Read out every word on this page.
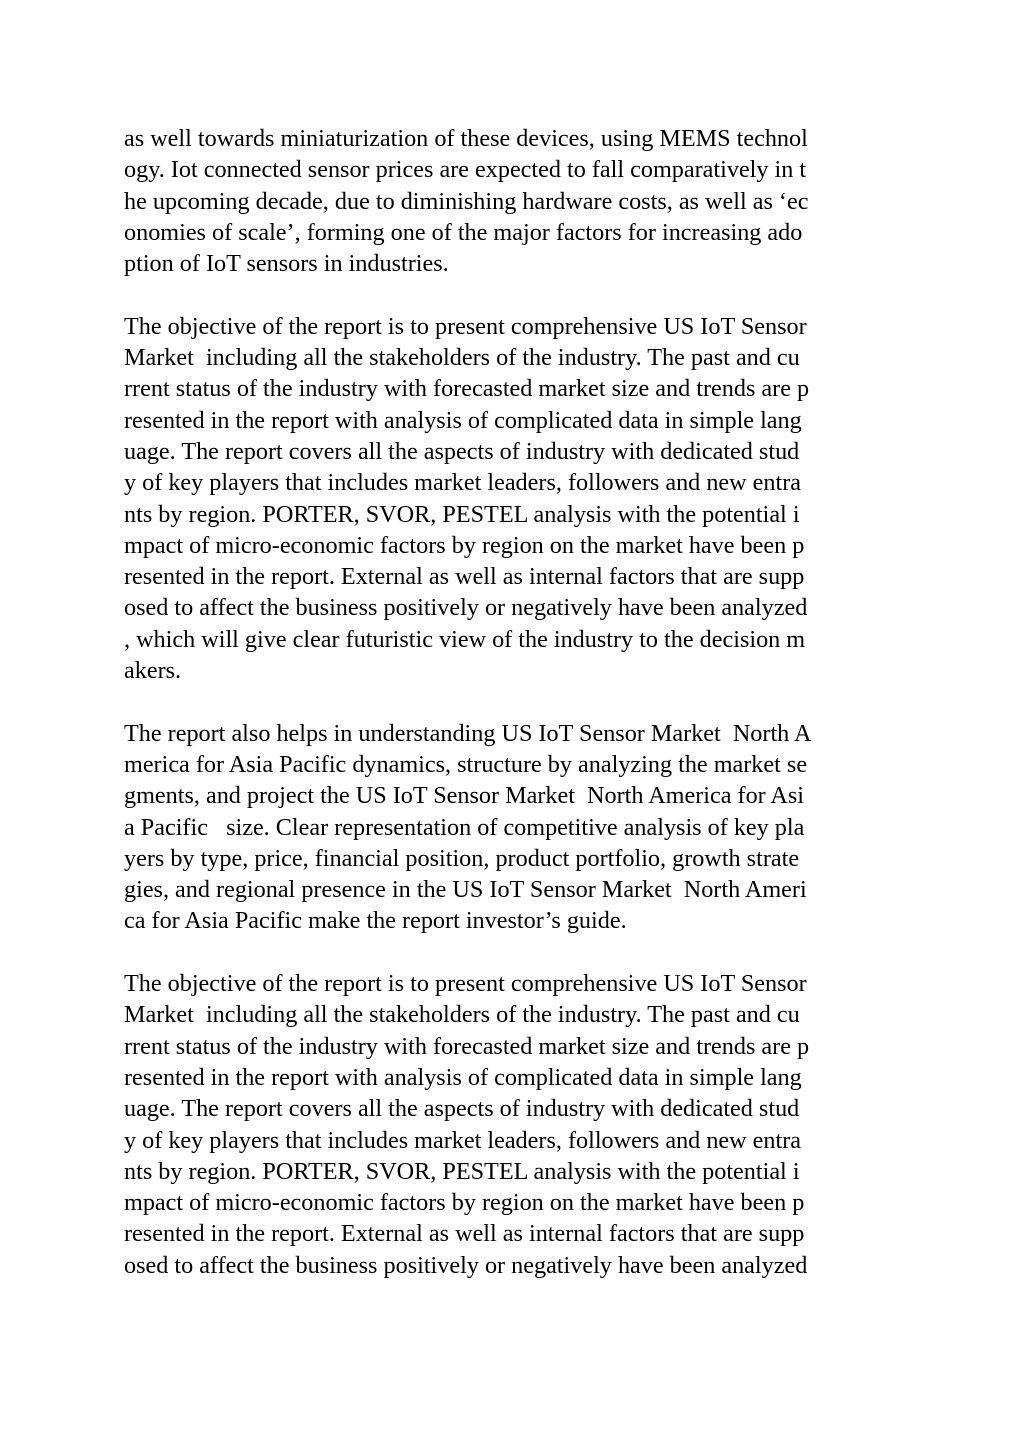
as well towards miniaturization of these devices, using MEMS technol
ogy. Iot connected sensor prices are expected to fall comparatively in t
he upcoming decade, due to diminishing hardware costs, as well as ‘ec
onomies of scale’, forming one of the major factors for increasing ado
ption of IoT sensors in industries.

The objective of the report is to present comprehensive US IoT Sensor
Market  including all the stakeholders of the industry. The past and cu
rrent status of the industry with forecasted market size and trends are p
resented in the report with analysis of complicated data in simple lang
uage. The report covers all the aspects of industry with dedicated stud
y of key players that includes market leaders, followers and new entra
nts by region. PORTER, SVOR, PESTEL analysis with the potential i
mpact of micro-economic factors by region on the market have been p
resented in the report. External as well as internal factors that are supp
osed to affect the business positively or negatively have been analyzed
, which will give clear futuristic view of the industry to the decision m
akers.

The report also helps in understanding US IoT Sensor Market  North A
merica for Asia Pacific dynamics, structure by analyzing the market se
gments, and project the US IoT Sensor Market  North America for Asi
a Pacific   size. Clear representation of competitive analysis of key pla
yers by type, price, financial position, product portfolio, growth strate
gies, and regional presence in the US IoT Sensor Market  North Ameri
ca for Asia Pacific make the report investor’s guide.

The objective of the report is to present comprehensive US IoT Sensor
Market  including all the stakeholders of the industry. The past and cu
rrent status of the industry with forecasted market size and trends are p
resented in the report with analysis of complicated data in simple lang
uage. The report covers all the aspects of industry with dedicated stud
y of key players that includes market leaders, followers and new entra
nts by region. PORTER, SVOR, PESTEL analysis with the potential i
mpact of micro-economic factors by region on the market have been p
resented in the report. External as well as internal factors that are supp
osed to affect the business positively or negatively have been analyzed
